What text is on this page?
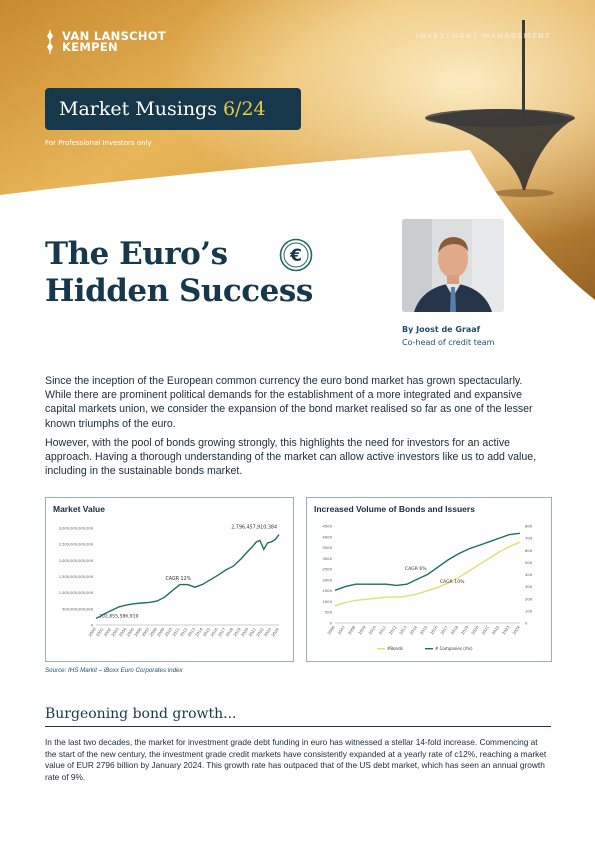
VAN LANSCHOT
KEMPEN
INVESTMENT MANAGEMENT
Market Musings 6/24
For Professional Investors only
The Euro’s
Hidden Success
€
By Joost de Graaf
Co-head of credit team
Since the inception of the European common currency the euro bond market has grown spectacularly. While there are prominent political demands for the establishment of a more integrated and expansive capital markets union, we consider the expansion of the bond market realised so far as one of the lesser known triumphs of the euro.
However, with the pool of bonds growing strongly, this highlights the need for investors for an active approach. Having a thorough understanding of the market can allow active investors like us to add value, including in the sustainable bonds market.
Market Value
0
500,000,000,000
1,000,000,000,000
1,500,000,000,000
2,000,000,000,000
2,500,000,000,000
3,000,000,000,000
2000
2001
2002
2003
2004
2005
2006
2007
2008
2009
2010
2011
2012
2013
2014
2015
2016
2017
2018
2019
2020
2021
2022
2023
2024
202,855,586,919
2,796,457,910,384
CAGR 12%
Increased Volume of Bonds and Issuers
0
500
1000
1500
2000
2500
3000
3500
4000
4500
0
100
200
300
400
500
600
700
800
2006 2007 2008 2009 2010 2011 2012 2013 2014 2015 2016 2017 2018 2019 2020 2021 2022 2023 2024
CAGR 6%
CAGR 10%
#Bonds	# Companies (rhs)
Source: IHS Markit – iBoxx Euro Corporates index
Burgeoning bond growth...
In the last two decades, the market for investment grade debt funding in euro has witnessed a stellar 14-fold increase. Commencing at the start of the new century, the investment grade credit markets have consistently expanded at a yearly rate of c12%, reaching a market value of EUR 2796 billion by January 2024. This growth rate has outpaced that of the US debt market, which has seen an annual growth rate of 9%.
